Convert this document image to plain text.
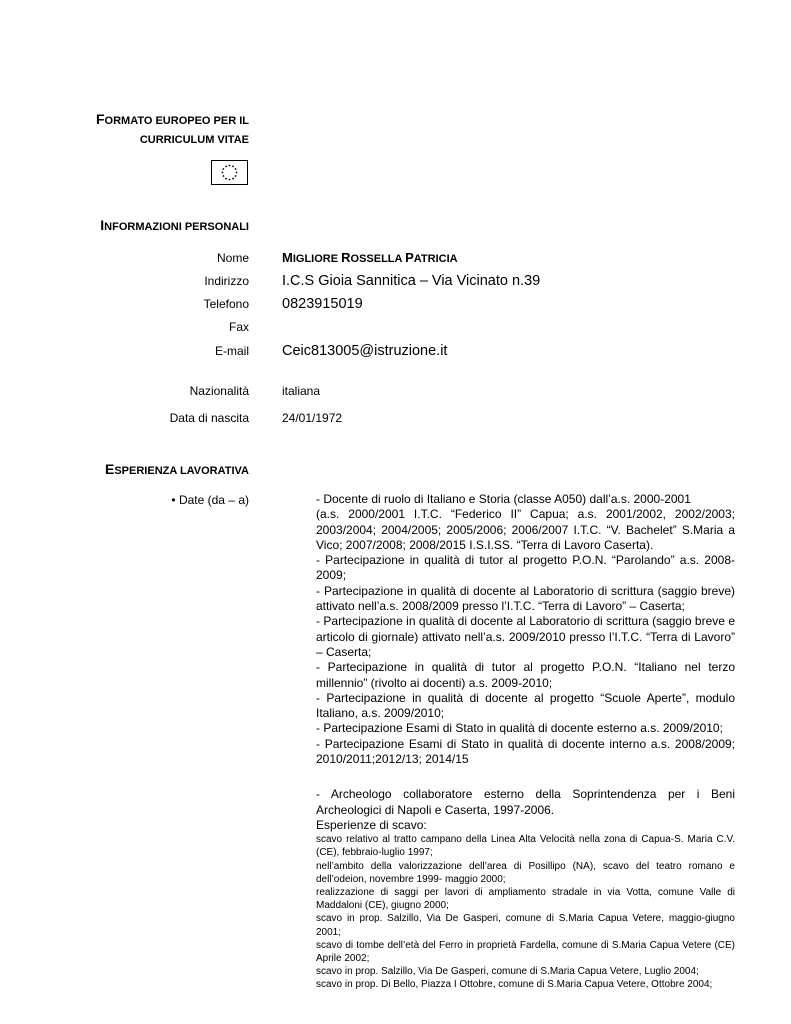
FORMATO EUROPEO PER IL
CURRICULUM VITAE
INFORMAZIONI PERSONALI
Nome	MIGLIORE ROSSELLA PATRICIA
Indirizzo I.C.S Gioia Sannitica – Via Vicinato n.39
Telefono 0823915019
Fax
E-mail Ceic813005@istruzione.it
Nazionalità	italiana
Data di nascita	24/01/1972
ESPERIENZA LAVORATIVA
• Date (da – a)	- Docente di ruolo di Italiano e Storia (classe A050) dall’a.s. 2000-2001

(a.s. 2000/2001 I.T.C. “Federico II” Capua; a.s. 2001/2002, 2002/2003; 2003/2004; 2004/2005; 2005/2006; 2006/2007 I.T.C. “V. Bachelet” S.Maria a Vico; 2007/2008; 2008/2015 I.S.I.SS. “Terra di Lavoro Caserta).

- Partecipazione in qualità di tutor al progetto P.O.N. “Parolando” a.s. 2008-2009;

- Partecipazione in qualità di docente al Laboratorio di scrittura (saggio breve) attivato nell’a.s. 2008/2009 presso l’I.T.C. “Terra di Lavoro” – Caserta;

- Partecipazione in qualità di docente al Laboratorio di scrittura (saggio breve e articolo di giornale) attivato nell’a.s. 2009/2010 presso l’I.T.C. “Terra di Lavoro” – Caserta;

- Partecipazione in qualità di tutor al progetto P.O.N. “Italiano nel terzo millennio” (rivolto ai docenti) a.s. 2009-2010;

- Partecipazione in qualità di docente al progetto “Scuole Aperte”, modulo Italiano, a.s. 2009/2010;

- Partecipazione Esami di Stato in qualità di docente esterno a.s. 2009/2010;

- Partecipazione Esami di Stato in qualità di docente interno a.s. 2008/2009; 2010/2011;2012/13; 2014/15

- Archeologo collaboratore esterno della Soprintendenza per i Beni Archeologici di Napoli e Caserta, 1997-2006.

Esperienze di scavo:

scavo relativo al tratto campano della Linea Alta Velocità nella zona di Capua-S. Maria C.V. (CE), febbraio-luglio 1997;

nell’ambito della valorizzazione dell’area di Posillipo (NA), scavo del teatro romano e dell’odeion, novembre 1999- maggio 2000;

realizzazione di saggi per lavori di ampliamento stradale in via Votta, comune Valle di Maddaloni (CE), giugno 2000;

scavo in prop. Salzillo, Via De Gasperi, comune di S.Maria Capua Vetere, maggio-giugno 2001;

scavo di tombe dell’età del Ferro in proprietà Fardella, comune di S.Maria Capua Vetere (CE) Aprile 2002;

scavo in prop. Salzillo, Via De Gasperi, comune di S.Maria Capua Vetere, Luglio 2004;

scavo in prop. Di Bello, Piazza I Ottobre, comune di S.Maria Capua Vetere, Ottobre 2004;
